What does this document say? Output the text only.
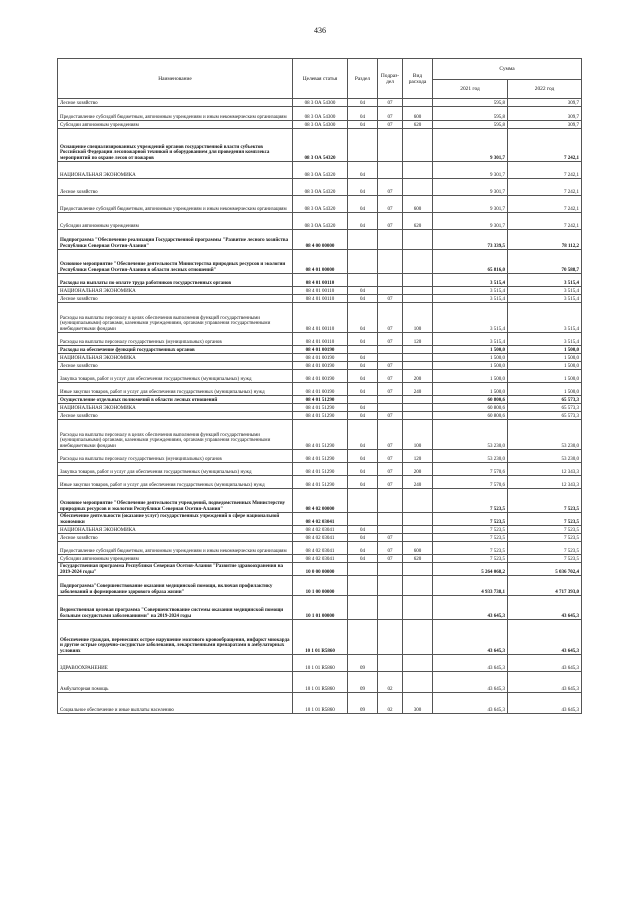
436
Наименование	Целевая статья	Раздел	Подраз-дел	Вид расхода	Сумма	
					2021 год	2022 год
Лесное хозяйство	08 3 ОА 54300	04	07		595,8	309,7
Предоставление субсидий бюджетным, автономным учреждениям и иным некоммерческим организациям	08 3 ОА 54300	04	07	600	595,8	309,7
Субсидии автономным учреждениям	08 3 ОА 54300	04	07	620	595,8	309,7
Оснащение специализированных учреждений органов государственной власти субъектов Российской Федерации лесопожарной техникой и оборудованием для проведения комплекса мероприятий по охране лесов от пожаров	08 3 ОА 54320				9 301,7	7 242,1
НАЦИОНАЛЬНАЯ ЭКОНОМИКА	08 3 ОА 54320	04			9 301,7	7 242,1
Лесное хозяйство	08 3 ОА 54320	04	07		9 301,7	7 242,1
Предоставление субсидий бюджетным, автономным учреждениям и иным некоммерческим организациям	08 3 ОА 54320	04	07	600	9 301,7	7 242,1
Субсидии автономным учреждениям	08 3 ОА 54320	04	07	620	9 301,7	7 242,1
Подпрограмма "Обеспечение реализации Государственной программы "Развитие лесного хозяйства Республики Северная Осетия-Алания"	08 4 00 00000				73 339,5	78 112,2
Основное мероприятие "Обеспечение деятельности Министерства природных ресурсов и экологии Республики Северная Осетия-Алания в области лесных отношений"	08 4 01 00000				65 816,0	70 588,7
Расходы на выплаты по оплате труда работников государственных органов	08 4 01 00110				3 515,4	3 515,4
НАЦИОНАЛЬНАЯ ЭКОНОМИКА	08 4 01 00110	04			3 515,4	3 515,4
Лесное хозяйство	08 4 01 00110	04	07		3 515,4	3 515,4
Расходы на выплаты персоналу в целях обеспечения выполнения функций государственными (муниципальными) органами, казенными учреждениями, органами управления государственными внебюджетными фондами	08 4 01 00110	04	07	100	3 515,4	3 515,4
Расходы на выплаты персоналу государственных (муниципальных) органов	08 4 01 00110	04	07	120	3 515,4	3 515,4
Расходы на обеспечение функций государственных органов	08 4 01 00190				1 500,0	1 500,0
НАЦИОНАЛЬНАЯ ЭКОНОМИКА	08 4 01 00190	04			1 500,0	1 500,0
Лесное хозяйство	08 4 01 00190	04	07		1 500,0	1 500,0
Закупка товаров, работ и услуг для обеспечения государственных (муниципальных) нужд	08 4 01 00190	04	07	200	1 500,0	1 500,0
Иные закупки товаров, работ и услуг для обеспечения государственных (муниципальных) нужд	08 4 01 00190	04	07	240	1 500,0	1 500,0
Осуществление отдельных полномочий в области лесных отношений	08 4 01 51290				60 800,6	65 573,3
НАЦИОНАЛЬНАЯ ЭКОНОМИКА	08 4 01 51290	04			60 800,6	65 573,3
Лесное хозяйство	08 4 01 51290	04	07		60 800,6	65 573,3
Расходы на выплаты персоналу в целях обеспечения выполнения функций государственными (муниципальными) органами, казенными учреждениями, органами управления государственными внебюджетными фондами	08 4 01 51290	04	07	100	53 230,0	53 230,0
Расходы на выплаты персоналу государственных (муниципальных) органов	08 4 01 51290	04	07	120	53 230,0	53 230,0
Закупка товаров, работ и услуг для обеспечения государственных (муниципальных) нужд	08 4 01 51290	04	07	200	7 570,6	12 343,3
Иные закупки товаров, работ и услуг для обеспечения государственных (муниципальных) нужд	08 4 01 51290	04	07	240	7 570,6	12 343,3
Основное мероприятие "Обеспечение деятельности учреждений, подведомственных Министерству природных ресурсов и экологии Республики Северная Осетия-Алания"	08 4 02 00000				7 523,5	7 523,5
Обеспечение деятельности (оказание услуг) государственных учреждений в сфере национальной экономики	08 4 02 03041				7 523,5	7 523,5
НАЦИОНАЛЬНАЯ ЭКОНОМИКА	08 4 02 03041	04			7 523,5	7 523,5
Лесное хозяйство	08 4 02 03041	04	07		7 523,5	7 523,5
Предоставление субсидий бюджетным, автономным учреждениям и иным некоммерческим организациям	08 4 02 03041	04	07	600	7 523,5	7 523,5
Субсидии автономным учреждениям	08 4 02 03041	04	07	620	7 523,5	7 523,5
Государственная программа Республики Северная Осетия-Алания "Развитие здравоохранения на 2019-2024 годы"	10 0 00 00000				5 264 068,2	5 036 702,4
Подпрограмма"Совершенствование оказания медицинской помощи, включая профилактику заболеваний и формирование здорового образа жизни"	10 1 00 00000				4 933 738,1	4 717 393,0
Ведомственная целевая программа "Совершенствование системы оказания медицинской помощи больным сосудистыми заболеваниями" на 2019-2024 годы	10 1 01 00000				43 645,3	43 645,3
Обеспечение граждан, перенесших острое нарушение мозгового кровообращения, инфаркт миокарда и другие острые сердечно-сосудистые заболевания, лекарственными препаратами в амбулаторных условиях	10 1 01 R5860				43 645,3	43 645,3
ЗДРАВООХРАНЕНИЕ	10 1 01 R5860	09			43 645,3	43 645,3
Амбулаторная помощь	10 1 01 R5860	09	02		43 645,3	43 645,3
Социальное обеспечение и иные выплаты населению	10 1 01 R5860	09	02	300	43 645,3	43 645,3
